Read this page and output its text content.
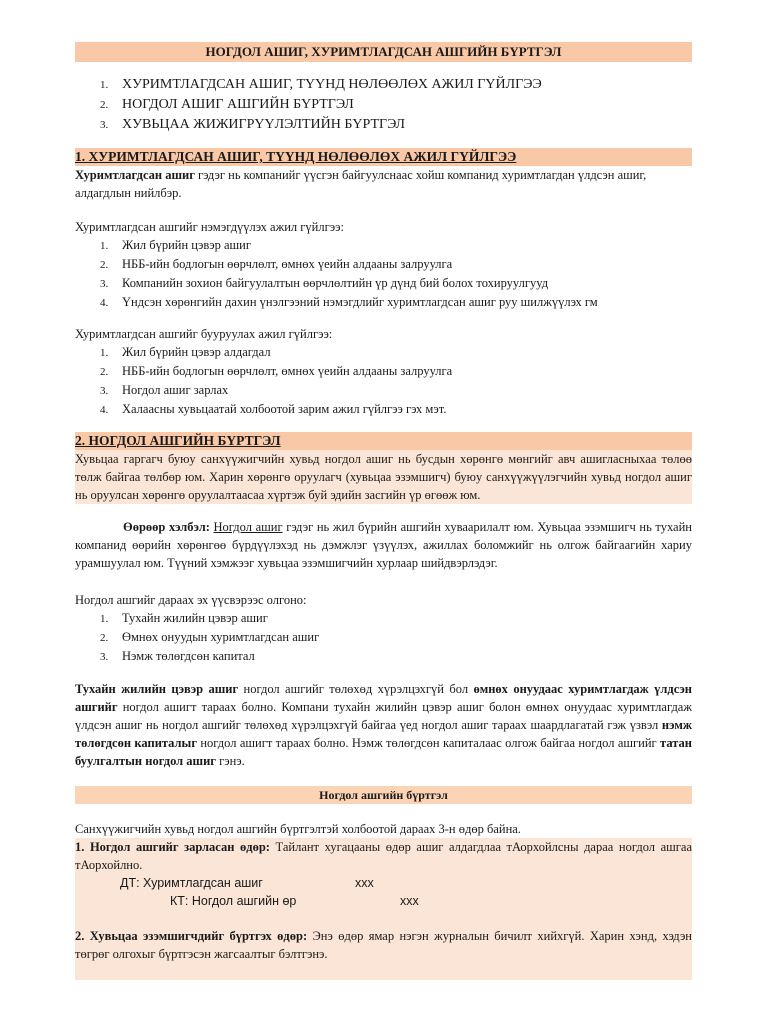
НОГДОЛ АШИГ, ХУРИМТЛАГДСАН АШГИЙН БҮРТГЭЛ
1. ХУРИМТЛАГДСАН АШИГ, ТҮҮНД НӨЛӨӨЛӨХ АЖИЛ ГҮЙЛГЭЭ
2. НОГДОЛ АШИГ АШГИЙН БҮРТГЭЛ
3. ХУВЬЦАА ЖИЖИГРҮҮЛЭЛТИЙН БҮРТГЭЛ
1. ХУРИМТЛАГДСАН АШИГ, ТҮҮНД НӨЛӨӨЛӨХ АЖИЛ ГҮЙЛГЭЭ
Хуримтлагдсан ашиг гэдэг нь компанийг үүсгэн байгуулснаас хойш компанид хуримтлагдан үлдсэн ашиг, алдагдлын нийлбэр.
Хуримтлагдсан ашгийг нэмэгдүүлэх ажил гүйлгээ:
1. Жил бүрийн цэвэр ашиг
2. НББ-ийн бодлогын өөрчлөлт, өмнөх үеийн алдааны залруулга
3. Компанийн зохион байгуулалтын өөрчлөлтийн үр дүнд бий болох тохируулгууд
4. Үндсэн хөрөнгийн дахин үнэлгээний нэмэгдлийг хуримтлагдсан ашиг руу шилжүүлэх гм
Хуримтлагдсан ашгийг бууруулах ажил гүйлгээ:
1. Жил бүрийн цэвэр алдагдал
2. НББ-ийн бодлогын өөрчлөлт, өмнөх үеийн алдааны залруулга
3. Ногдол ашиг зарлах
4. Халаасны хувьцаатай холбоотой зарим ажил гүйлгээ гэх мэт.
2. НОГДОЛ АШГИЙН БҮРТГЭЛ
Хувьцаа гаргагч буюу санхүүжигчийн хувьд ногдол ашиг нь бусдын хөрөнгө мөнгийг авч ашигласныхаа төлөө төлж байгаа төлбөр юм. Харин хөрөнгө оруулагч (хувьцаа эзэмшигч) буюу санхүүжүүлэгчийн хувьд ногдол ашиг нь оруулсан хөрөнгө оруулалтаасаа хүртэж буй эдийн засгийн үр өгөөж юм.
Өөрөөр хэлбэл: Ногдол ашиг гэдэг нь жил бүрийн ашгийн хуваарилалт юм. Хувьцаа эзэмшигч нь тухайн компанид өөрийн хөрөнгөө бүрдүүлэхэд нь дэмжлэг үзүүлэх, ажиллах боломжийг нь олгож байгаагийн хариу урамшуулал юм. Түүний хэмжээг хувьцаа эзэмшигчийн хурлаар шийдвэрлэдэг.
Ногдол ашгийг дараах эх үүсвэрээс олгоно:
1. Тухайн жилийн цэвэр ашиг
2. Өмнөх онуудын хуримтлагдсан ашиг
3. Нэмж төлөгдсөн капитал
Тухайн жилийн цэвэр ашиг ногдол ашгийг төлөхөд хүрэлцэхгүй бол өмнөх онуудаас хуримтлагдаж үлдсэн ашгийг ногдол ашигт тараах болно. Компани тухайн жилийн цэвэр ашиг болон өмнөх онуудаас хуримтлагдаж үлдсэн ашиг нь ногдол ашгийг төлөхөд хүрэлцэхгүй байгаа үед ногдол ашиг тараах шаардлагатай гэж үзвэл нэмж төлөгдсөн капиталыг ногдол ашигт тараах болно. Нэмж төлөгдсөн капиталаас олгож байгаа ногдол ашгийг татан буулгалтын ногдол ашиг гэнэ.
Ногдол ашгийн бүртгэл
Санхүүжигчийн хувьд ногдол ашгийн бүртгэлтэй холбоотой дараах 3-н өдөр байна.
1. Ногдол ашгийг зарласан өдөр: Тайлант хугацааны өдөр ашиг алдагдлаа тАорхойлсны дараа ногдол ашгаа тАорхойлно.
ДТ: Хуримтлагдсан ашиг	xxx
КТ: Ногдол ашгийн өр	xxx
2. Хувьцаа эзэмшигчдийг бүртгэх өдөр: Энэ өдөр ямар нэгэн журналын бичилт хийхгүй. Харин хэнд, хэдэн төгрөг олгохыг бүртгэсэн жагсаалтыг бэлтгэнэ.
